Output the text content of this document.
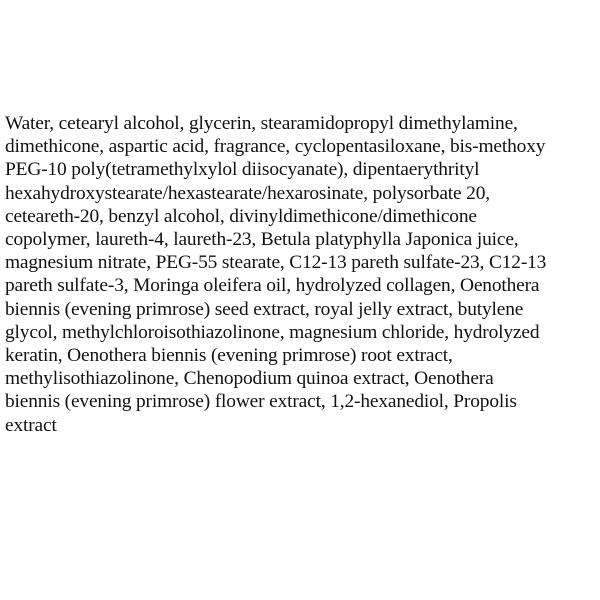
Water, cetearyl alcohol, glycerin, stearamidopropyl dimethylamine,
dimethicone, aspartic acid, fragrance, cyclopentasiloxane, bis-methoxy
PEG-10 poly(tetramethylxylol diisocyanate), dipentaerythrityl
hexahydroxystearate/hexastearate/hexarosinate, polysorbate 20,
ceteareth-20, benzyl alcohol, divinyldimethicone/dimethicone
copolymer, laureth-4, laureth-23, Betula platyphylla Japonica juice,
magnesium nitrate, PEG-55 stearate, C12-13 pareth sulfate-23, C12-13
pareth sulfate-3, Moringa oleifera oil, hydrolyzed collagen, Oenothera
biennis (evening primrose) seed extract, royal jelly extract, butylene
glycol, methylchloroisothiazolinone, magnesium chloride, hydrolyzed
keratin, Oenothera biennis (evening primrose) root extract,
methylisothiazolinone, Chenopodium quinoa extract, Oenothera
biennis (evening primrose) flower extract, 1,2-hexanediol, Propolis
extract
